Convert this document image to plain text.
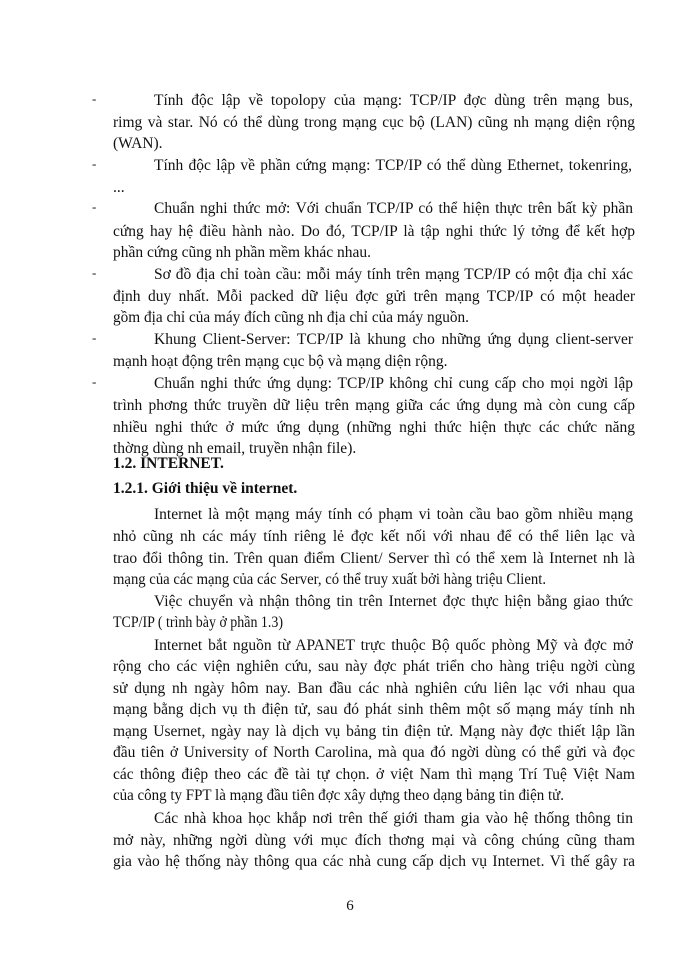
-	Tính độc lập về topolopy của mạng: TCP/IP đợc dùng trên mạng bus,
rimg và star. Nó có thể dùng trong mạng cục bộ (LAN) cũng nh mạng diện rộng
(WAN).
-	Tính độc lập về phần cứng mạng: TCP/IP có thể dùng Ethernet, tokenring,
...
-	Chuẩn nghi thức mở: Với chuẩn TCP/IP có thể hiện thực trên bất kỳ phần
cứng hay hệ điều hành nào. Do đó, TCP/IP là tập nghi thức lý tởng để kết hợp
phần cứng cũng nh phần mềm khác nhau.
-	Sơ đồ địa chỉ toàn cầu: mỗi máy tính trên mạng TCP/IP có một địa chỉ xác
định duy nhất. Mỗi packed dữ liệu đợc gửi trên mạng TCP/IP có một header
gồm địa chỉ của máy đích cũng nh địa chỉ của máy nguồn.
-	Khung Client-Server: TCP/IP là khung cho những ứng dụng client-server
mạnh hoạt động trên mạng cục bộ và mạng diện rộng.
-	Chuẩn nghi thức ứng dụng: TCP/IP không chỉ cung cấp cho mọi ngời lập
trình phơng thức truyền dữ liệu trên mạng giữa các ứng dụng mà còn cung cấp
nhiều nghi thức ở mức ứng dụng (những nghi thức hiện thực các chức năng
thờng dùng nh email, truyền nhận file).
1.2. INTERNET.
1.2.1. Giới thiệu về internet.
Internet là một mạng máy tính có phạm vi toàn cầu bao gồm nhiều mạng
nhỏ cũng nh các máy tính riêng lẻ đợc kết nối với nhau để có thể liên lạc và
trao đổi thông tin. Trên quan điểm Client/ Server thì có thể xem là Internet nh là
mạng của các mạng của các Server, có thể truy xuất bởi hàng triệu Client.
Việc chuyển và nhận thông tin trên Internet đợc thực hiện bằng giao thức
TCP/IP ( trình bày ở phần 1.3)
Internet bắt nguồn từ APANET trực thuộc Bộ quốc phòng Mỹ và đợc mở
rộng cho các viện nghiên cứu, sau này đợc phát triển cho hàng triệu ngời cùng
sử dụng nh ngày hôm nay. Ban đầu các nhà nghiên cứu liên lạc với nhau qua
mạng bằng dịch vụ th điện tử, sau đó phát sinh thêm một số mạng máy tính nh
mạng Usernet, ngày nay là dịch vụ bảng tin điện tử. Mạng này đợc thiết lập lần
đầu tiên ở University of North Carolina, mà qua đó ngời dùng có thể gửi và đọc
các thông điệp theo các đề tài tự chọn. ở việt Nam thì mạng Trí Tuệ Việt Nam
của công ty FPT là mạng đầu tiên đợc xây dựng theo dạng bảng tin điện tử.
Các nhà khoa học khắp nơi trên thế giới tham gia vào hệ thống thông tin
mở này, những ngời dùng với mục đích thơng mại và công chúng cũng tham
gia vào hệ thống này thông qua các nhà cung cấp dịch vụ Internet. Vì thế gây ra
6
